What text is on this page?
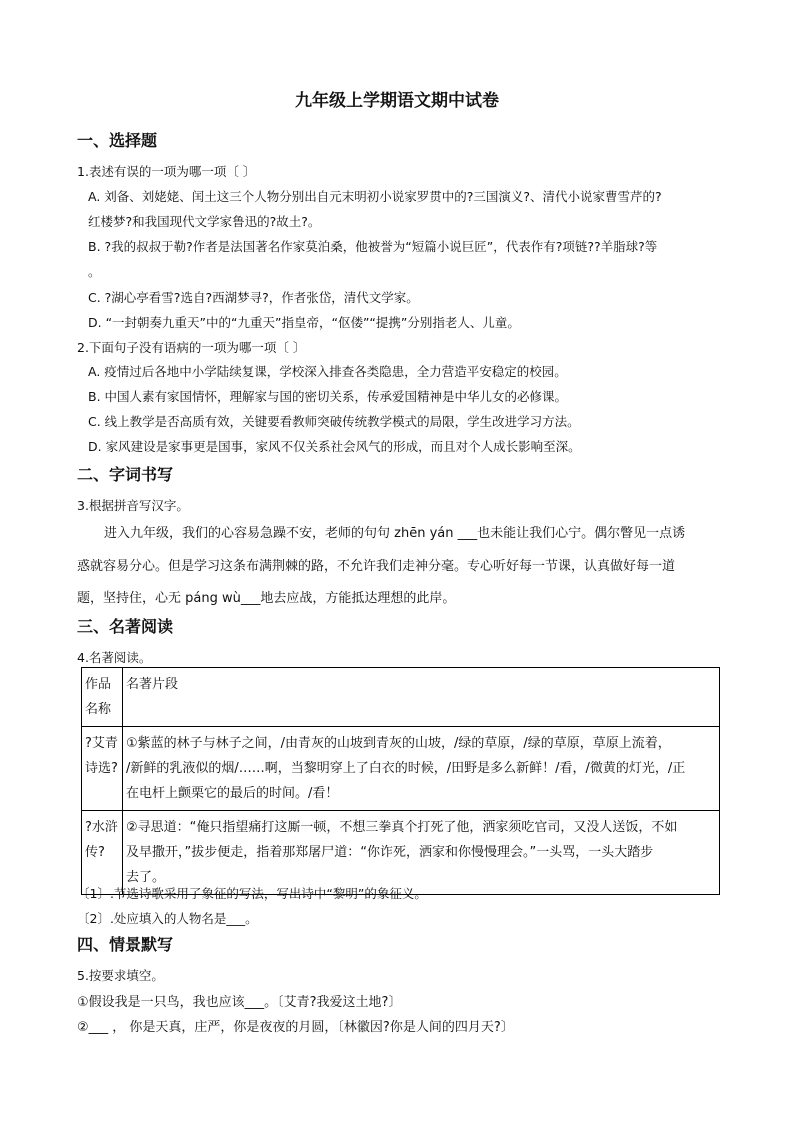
九年级上学期语文期中试卷
一、选择题
1.表述有误的一项为哪一项〔 〕
A. 刘备、刘姥姥、闰土这三个人物分别出自元末明初小说家罗贯中的?三国演义?、清代小说家曹雪芹的?
红楼梦?和我国现代文学家鲁迅的?故土?。
B. ?我的叔叔于勒?作者是法国著名作家莫泊桑，他被誉为“短篇小说巨匠”，代表作有?项链??羊脂球?等
。
C. ?湖心亭看雪?选自?西湖梦寻?，作者张岱，清代文学家。
D. “一封朝奏九重天”中的“九重天”指皇帝，“伛偻”“提携”分别指老人、儿童。
2.下面句子没有语病的一项为哪一项〔 〕
A. 疫情过后各地中小学陆续复课，学校深入排查各类隐患，全力营造平安稳定的校园。
B. 中国人素有家国情怀，理解家与国的密切关系，传承爱国精神是中华儿女的必修课。
C. 线上教学是否高质有效，关键要看教师突破传统教学模式的局限，学生改进学习方法。
D. 家风建设是家事更是国事，家风不仅关系社会风气的形成，而且对个人成长影响至深。
二、字词书写
3.根据拼音写汉字。
进入九年级，我们的心容易急躁不安，老师的句句 zhēn yán ___也未能让我们心宁。偶尔瞥见一点诱
惑就容易分心。但是学习这条布满荆棘的路，不允许我们走神分毫。专心听好每一节课，认真做好每一道
题，坚持住，心无 páng wù___地去应战，方能抵达理想的此岸。
三、名著阅读
4.名著阅读。
作品
名称	名著片段

?艾青
诗选?	①紫蓝的林子与林子之间，/由青灰的山坡到青灰的山坡，/绿的草原，/绿的草原，草原上流着，
/新鲜的乳液似的烟/……啊，当黎明穿上了白衣的时候，/田野是多么新鲜！/看，/微黄的灯光，/正
在电杆上颤栗它的最后的时间。/看！

?水浒
传?	②寻思道：“俺只指望痛打这厮一顿，不想三拳真个打死了他，洒家须吃官司，又没人送饭，不如
及早撒开，”拔步便走，指着那郑屠尸道：“你诈死，洒家和你慢慢理会。”一头骂，一头大踏步
去了。
〔1〕.节选诗歌采用了象征的写法，写出诗中“黎明”的象征义。
〔2〕.处应填入的人物名是___。
四、情景默写
5.按要求填空。
①假设我是一只鸟，我也应该___。〔艾青?我爱这土地?〕
②___ ， 你是天真，庄严，你是夜夜的月圆，〔林徽因?你是人间的四月天?〕
